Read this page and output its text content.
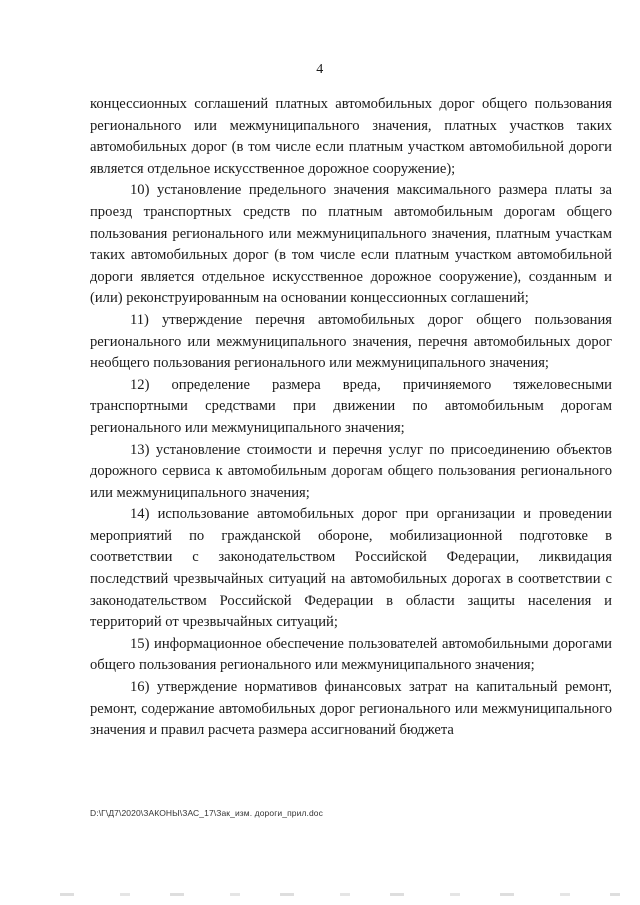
4

концессионных соглашений платных автомобильных дорог общего пользования регионального или межмуниципального значения, платных участков таких автомобильных дорог (в том числе если платным участком автомобильной дороги является отдельное искусственное дорожное сооружение);

10) установление предельного значения максимального размера платы за проезд транспортных средств по платным автомобильным дорогам общего пользования регионального или межмуниципального значения, платным участкам таких автомобильных дорог (в том числе если платным участком автомобильной дороги является отдельное искусственное дорожное сооружение), созданным и (или) реконструированным на основании концессионных соглашений;

11) утверждение перечня автомобильных дорог общего пользования регионального или межмуниципального значения, перечня автомобильных дорог необщего пользования регионального или межмуниципального значения;

12) определение размера вреда, причиняемого тяжеловесными транспортными средствами при движении по автомобильным дорогам регионального или межмуниципального значения;

13) установление стоимости и перечня услуг по присоединению объектов дорожного сервиса к автомобильным дорогам общего пользования регионального или межмуниципального значения;

14) использование автомобильных дорог при организации и проведении мероприятий по гражданской обороне, мобилизационной подготовке в соответствии с законодательством Российской Федерации, ликвидация последствий чрезвычайных ситуаций на автомобильных дорогах в соответствии с законодательством Российской Федерации в области защиты населения и территорий от чрезвычайных ситуаций;

15) информационное обеспечение пользователей автомобильными дорогами общего пользования регионального или межмуниципального значения;

16) утверждение нормативов финансовых затрат на капитальный ремонт, ремонт, содержание автомобильных дорог регионального или межмуниципального значения и правил расчета размера ассигнований бюджета

D:\Г\Д7\2020\ЗАКОНЫ\ЗАС_17\Зак_изм. дороги_прил.doc
